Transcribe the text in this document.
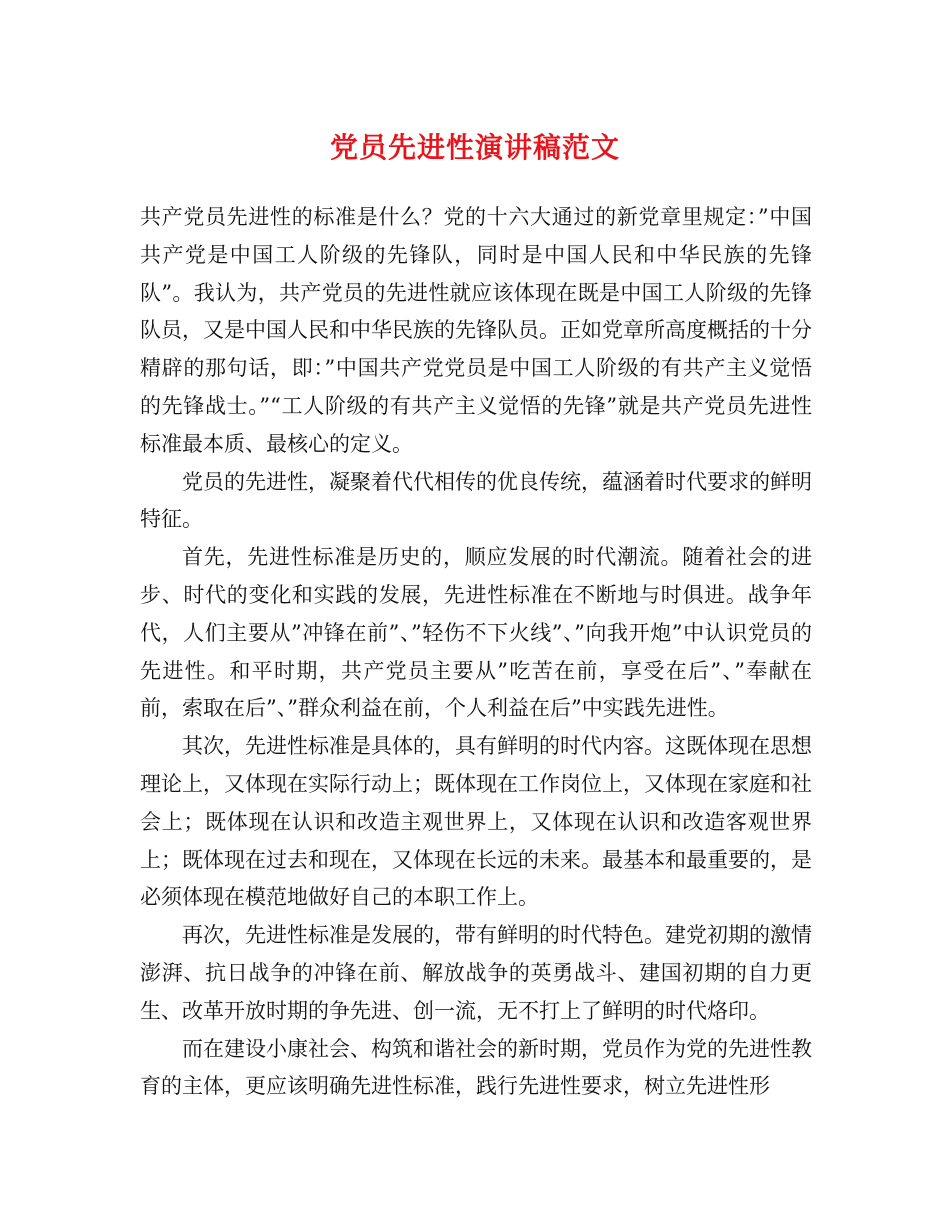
党员先进性演讲稿范文

共产党员先进性的标准是什么？党的十六大通过的新党章里规定：”中国共产党是中国工人阶级的先锋队，同时是中国人民和中华民族的先锋队”。我认为，共产党员的先进性就应该体现在既是中国工人阶级的先锋队员，又是中国人民和中华民族的先锋队员。正如党章所高度概括的十分精辟的那句话，即：”中国共产党党员是中国工人阶级的有共产主义觉悟的先锋战士。”“工人阶级的有共产主义觉悟的先锋”就是共产党员先进性标准最本质、最核心的定义。

党员的先进性，凝聚着代代相传的优良传统，蕴涵着时代要求的鲜明特征。

首先，先进性标准是历史的，顺应发展的时代潮流。随着社会的进步、时代的变化和实践的发展，先进性标准在不断地与时俱进。战争年代，人们主要从”冲锋在前”、”轻伤不下火线”、”向我开炮”中认识党员的先进性。和平时期，共产党员主要从”吃苦在前，享受在后”、”奉献在前，索取在后”、”群众利益在前，个人利益在后”中实践先进性。

其次，先进性标准是具体的，具有鲜明的时代内容。这既体现在思想理论上，又体现在实际行动上；既体现在工作岗位上，又体现在家庭和社会上；既体现在认识和改造主观世界上，又体现在认识和改造客观世界上；既体现在过去和现在，又体现在长远的未来。最基本和最重要的，是必须体现在模范地做好自己的本职工作上。

再次，先进性标准是发展的，带有鲜明的时代特色。建党初期的激情澎湃、抗日战争的冲锋在前、解放战争的英勇战斗、建国初期的自力更生、改革开放时期的争先进、创一流，无不打上了鲜明的时代烙印。

而在建设小康社会、构筑和谐社会的新时期，党员作为党的先进性教育的主体，更应该明确先进性标准，践行先进性要求，树立先进性形
